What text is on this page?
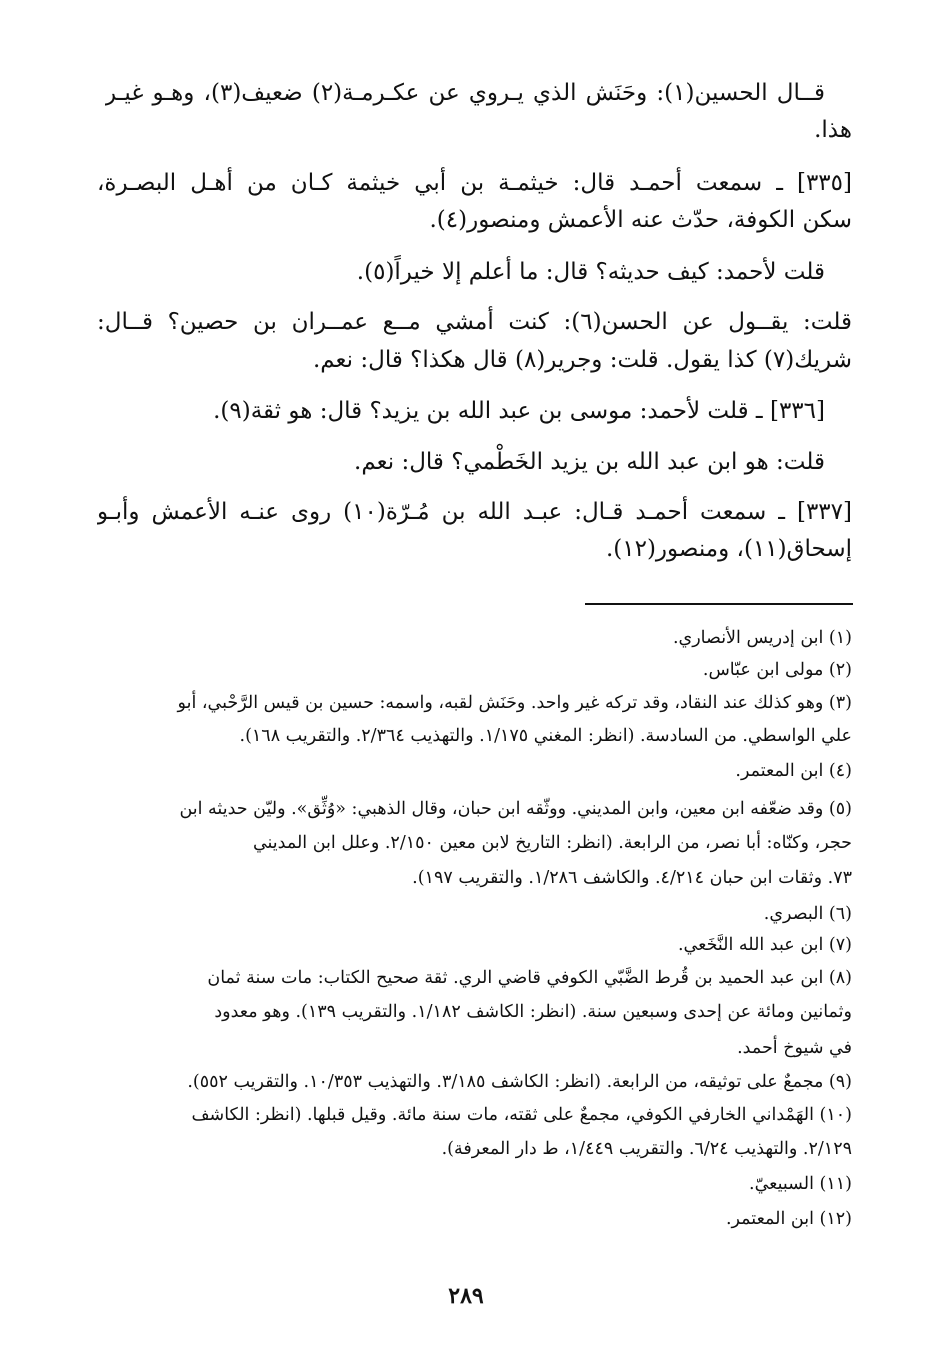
قــال الحسين(١): وحَنَش الذي يـروي عن عكـرمـة(٢) ضعيف(٣)، وهـو غيـر
هذا.
[٣٣٥] ـ سمعت أحمـد قال: خيثمـة بن أبي خيثمة كـان من أهـل البصـرة،
سكن الكوفة، حدّث عنه الأعمش ومنصور(٤).
قلت لأحمد: كيف حديثه؟ قال: ما أعلم إلا خيراً(٥).
قلت: يقــول عن الحسن(٦): كنت أمشي مــع عمــران بن حصين؟ قــال:
شريك(٧) كذا يقول. قلت: وجرير(٨) قال هكذا؟ قال: نعم.
[٣٣٦] ـ قلت لأحمد: موسى بن عبد الله بن يزيد؟ قال: هو ثقة(٩).
قلت: هو ابن عبد الله بن يزيد الخَطْمي؟ قال: نعم.
[٣٣٧] ـ سمعت أحمـد قـال: عبـد الله بن مُـرّة(١٠) روى عنـه الأعمش وأبـو
إسحاق(١١)، ومنصور(١٢).
(١) ابن إدريس الأنصاري.
(٢) مولى ابن عبّاس.
(٣) وهو كذلك عند النقاد، وقد تركه غير واحد. وحَنَش لقبه، واسمه: حسين بن قيس الرَّحْبي، أبو
علي الواسطي. من السادسة. (انظر: المغني ١/١٧٥. والتهذيب ٢/٣٦٤. والتقريب ١٦٨).
(٤) ابن المعتمر.
(٥) وقد ضعّفه ابن معين، وابن المديني. ووثّقه ابن حبان، وقال الذهبي: «وُثِّق». وليّن حديثه ابن
حجر، وكنّاه: أبا نصر، من الرابعة. (انظر: التاريخ لابن معين ٢/١٥٠. وعلل ابن المديني
٧٣. وثقات ابن حبان ٤/٢١٤. والكاشف ١/٢٨٦. والتقريب ١٩٧).
(٦) البصري.
(٧) ابن عبد الله النَّخَعي.
(٨) ابن عبد الحميد بن قُرط الضَّبّي الكوفي قاضي الري. ثقة صحيح الكتاب: مات سنة ثمان
وثمانين ومائة عن إحدى وسبعين سنة. (انظر: الكاشف ١/١٨٢. والتقريب ١٣٩). وهو معدود
في شيوخ أحمد.
(٩) مجمعٌ على توثيقه، من الرابعة. (انظر: الكاشف ٣/١٨٥. والتهذيب ١٠/٣٥٣. والتقريب ٥٥٢).
(١٠) الهَمْداني الخارفي الكوفي، مجمعٌ على ثقته، مات سنة مائة. وقيل قبلها. (انظر: الكاشف
٢/١٢٩. والتهذيب ٦/٢٤. والتقريب ١/٤٤٩، ط دار المعرفة).
(١١) السبيعيّ.
(١٢) ابن المعتمر.
٢٨٩
